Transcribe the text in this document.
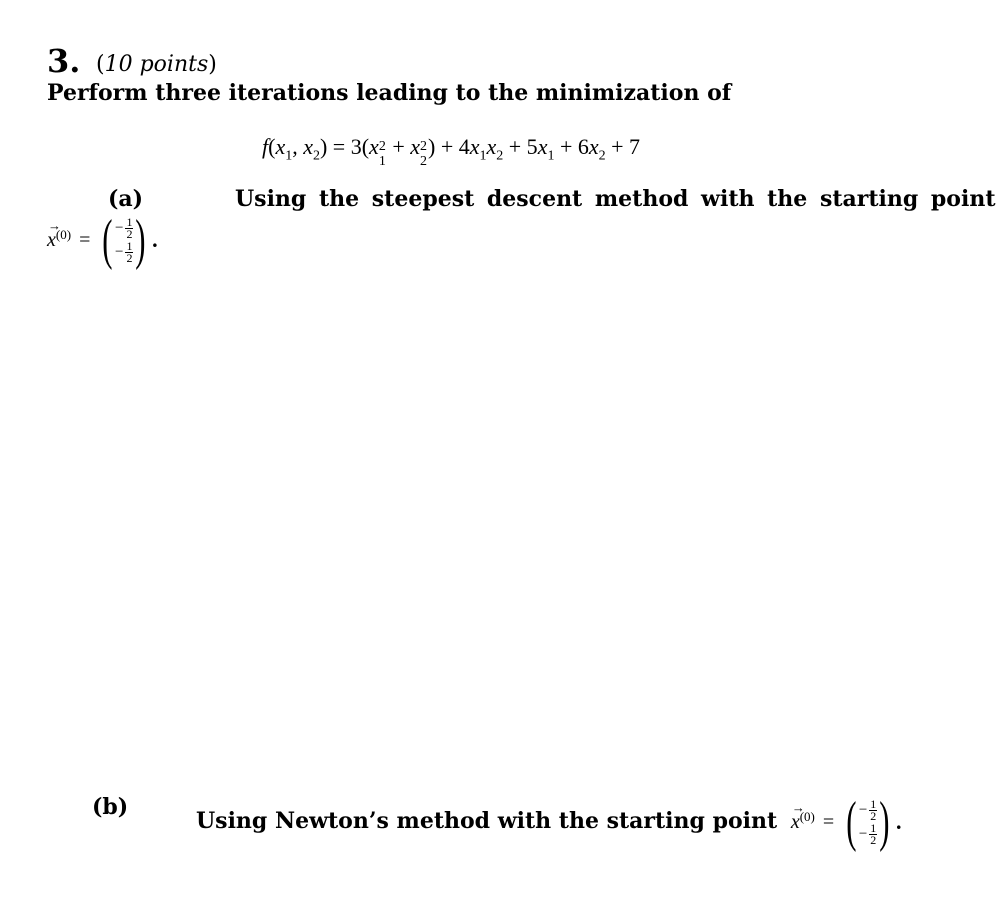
3. (10 points)
Perform three iterations leading to the minimization of
$f(x_1$, $x_2) = 3(x$ 2
1
+ x 2
2
) + $4x_1x_2 + 5x_1 + 6x_2 + 7$
(a)	Using the steepest descent method with the starting point
→
$x^{(0)}$ = ( − $\frac{1}{2}$
− $\frac{1}{2}$ ) .
(b)
Using Newton’s method with the starting point
→
$x^{(0)}$ = ( − $\frac{1}{2}$
− $\frac{1}{2}$ ) .
